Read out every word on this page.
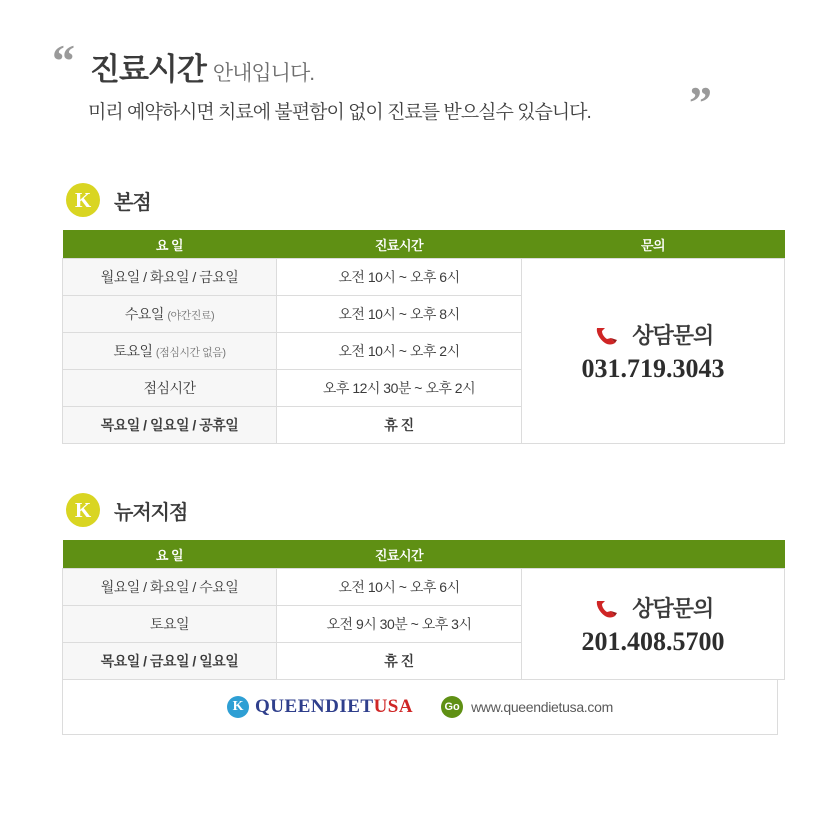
“
”
진료시간 안내입니다.
미리 예약하시면 치료에 불편함이 없이 진료를 받으실수 있습니다.
K
본점
요 일	진료시간	문의
월요일 / 화요일 / 금요일	오전 10시 ~ 오후 6시	상담문의
031.719.3043

수요일 (야간진료)	오전 10시 ~ 오후 8시	
토요일 (점심시간 없음)	오전 10시 ~ 오후 2시	
점심시간	오후 12시 30분 ~ 오후 2시	
목요일 / 일요일 / 공휴일	휴 진	
K
뉴저지점
요 일	진료시간	
월요일 / 화요일 / 수요일	오전 10시 ~ 오후 6시	상담문의
201.408.5700

토요일	오전 9시 30분 ~ 오후 3시	
목요일 / 금요일 / 일요일	휴 진	
K QUEENDIETUSA	Go www.queendietusa.com
